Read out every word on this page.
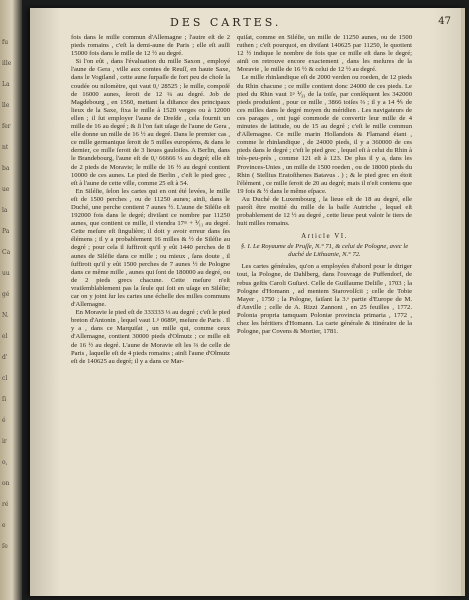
fu
ille
La
lle
fer
nt
ba
ue
la
Pa
Ca
uu
gé
N.
el
d'
cl
ſi
é
ir
o,
on
ré
e
ſe
DES CARTES.	47

fois dans le mille commun d'Allemagne ; l'autre eſt de 2 pieds romains , c'eſt la demi-aune de Paris ; elle eſt auſſi 15000 fois dans le mille de 12 ½ au degré.

Si l'on eût , dans l'évaluation du mille Saxon , employé l'aune de Gera , ville aux comtes de Reuſſ, en haute Saxe, dans le Vogtland , cette aune ſurpaſſe de fort peu de choſe la coudée ou nilomètre, qui vaut 0,ᵗ 28525 ; le mille, compoſé de 16000 aunes, ſeroit de 12 ¼ au degré. Job de Magdebourg , en 1560, mettant la diſtance des principaux lieux de la Saxe, fixa le mille à 1520 verges ou à 12000 ellen ; il ſut employer l'aune de Dreſde , cela fournit un mille de 16 au degré ; & ſi l'on fait uſage de l'aune de Gera , elle donne un mille de 16 ½ au degré. Dans le premier cas , ce mille germanique ſeroit de 5 milles européens, & dans le dernier, ce mille ſeroit de 3 lieues gauloiſes. A Berlin, dans le Brandebourg, l'aune eſt de 0,ᵗ 66666 ⅓ au degré; elle eſt de 2 pieds de Moravie; le mille de 16 ½ au degré contient 10000 de ces aunes. Le pied de Berlin , c'eſt le pied grec , eſt à l'aune de cette ville, comme 25 eſt à 54.

En Siléſie, ſelon les cartes qui en ont été levées, le mille eſt de 1500 perches , ou de 11250 aunes; ainſi, dans le Duché, une perche contient 7 aunes ½. L'aune de Siléſie eſt 192000 fois dans le degré; diviſant ce nombre par 11250 aunes, que contient ce mille, il viendra 17ᵐ + ⅟₁₁ au degré. Cette meſure eſt ſingulière; il doit y avoir erreur dans ſes élémens ; il y a probablement 16 milles & ½ de Siléſie au degré ; pour cela il ſuffiroit qu'il y eût 1440 perches de 8 aunes de Siléſie dans ce mille ; ou mieux , ſans doute , il ſuffiroit qu'il y eût 1500 perches de 7 aunes ½ de Pologne dans ce même mille , aunes qui ſont de 180000 au degré, ou de 2 pieds grecs chacune. Cette meſure n'eſt vraiſemblablement pas la ſeule qui ſoit en uſage en Siléſie; car on y joint ſur les cartes une échelle des milles communs d'Allemagne.

En Moravie le pied eſt de 333333 ⅓ au degré ; c'eſt le pied breton d'Antonin , lequel vaut 1.ᵖ 0689ᵖ, meſure de Paris . Il y a , dans ce Marquiſat , un mille qui, comme ceux d'Allemagne, contient 30000 pieds d'Olmutz ; ce mille eſt de 16 ½ au degré. L'aune de Moravie eſt les ⅔ de celle de Paris , laquelle eſt de 4 pieds romains ; ainſi l'aune d'Olmutz eſt de 140625 au degré; il y a dans ce Mar-

quiſat, comme en Siléſie, un mille de 11250 aunes, ou de 1500 ruthen ; c'eſt pourquoi, en diviſant 140625 par 11250, le quotient 12 ½ indique le nombre de fois que ce mille eſt dans le degré; ainſi on retrouve encore exactement , dans les meſures de la Moravie , le mille de 16 ½ & celui de 12 ½ au degré.

Le mille rhinlandique eſt de 2000 verden ou roeden, de 12 pieds du Rhin chacune ; ce mille contient donc 24000 de ces pieds. Le pied du Rhin vaut 1ᵖ ⅟₃₃ de la toiſe, par conſéquent les 342000 pieds produiſent , pour ce mille , 3866 toiſes ⅔ ; il y a 14 ⅘ de ces milles dans le degré moyen du méridien . Les navigateurs de ces parages , ont jugé commode de convertir leur mille de 4 minutes de latitude, ou de 15 au degré ; c'eſt le mille commun d'Allemagne. Ce mille marin Hollandois & Flamand étant , comme le rhinlandique , de 24000 pieds, il y a 360000 de ces pieds dans le degré ; c'eſt le pied grec , lequel eſt à celui du Rhin à très-peu-près , comme 121 eſt à 123. De plus il y a, dans les Provinces-Unies , un mille de 1500 roeden , ou de 18000 pieds du Rhin ( Stellius Eratoſthenes Batavus . ) ; & le pied grec en étoit l'élément , ce mille ſeroit de 20 au degré; mais il n'eſt contenu que 19 fois & ½ dans le même eſpace.

Au Duché de Luxembourg , la lieue eſt de 18 au degré, elle paroît être moitié du mille de la baſſe Autriche , lequel eſt probablement de 12 ½ au degré , cette lieue peut valoir le tiers de huit milles romains.

Article VI.
§. I. Le Royaume de Pruſſe, N.° 71, & celui de Pologne, avec le duché de Lithuanie, N.° 72.

Les cartes générales, qu'on a employées d'abord pour le diriger tout, la Pologne, de Dahlberg, dans l'ouvrage de Puffendorf, de rebus geſtis Caroli Guſtavi. Celle de Guillaume Deliſle , 1703 ; la Pologne d'Homann , ad mentem Starovolſcii ; celle de Tobie Mayer , 1750 ; la Pologne, faiſant la 3.ᵉ partie d'Europe de M. d'Anville ; celle de A. Rizzi Zannoni , en 25 feuilles , 1772. Polonia propria tamquam Poloniæ provincia primaria , 1772 , chez les héritiers d'Homann. La carte générale & itinéraire de la Pologne, par Covens & Mortier, 1781.
